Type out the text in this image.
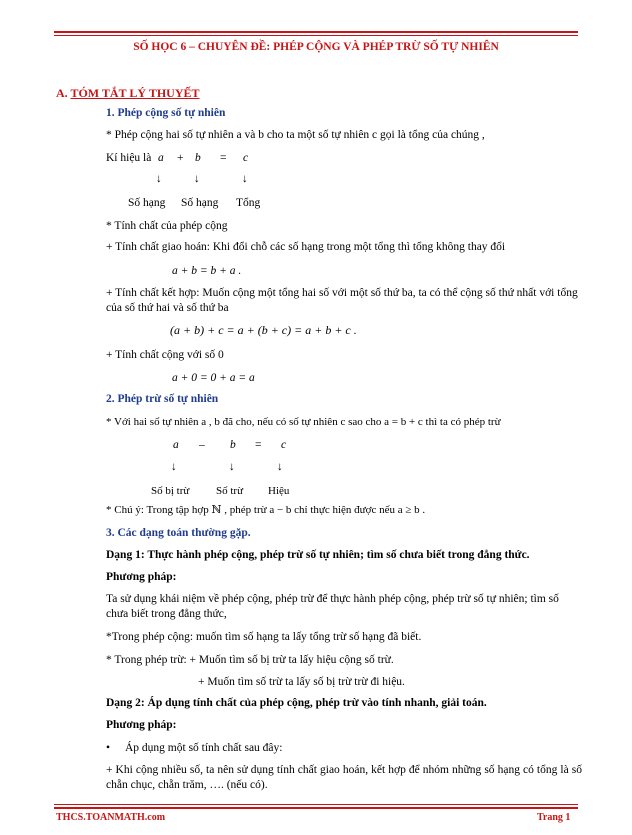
SỐ HỌC 6 – CHUYÊN ĐỀ: PHÉP CỘNG VÀ PHÉP TRỪ SỐ TỰ NHIÊN
A. TÓM TẮT LÝ THUYẾT
1. Phép cộng số tự nhiên
* Phép cộng hai số tự nhiên a và b cho ta một số tự nhiên c gọi là tổng của chúng ,
Kí hiệu là a + b = c
↓	↓	↓
Số hạng Số hạng Tổng
* Tính chất của phép cộng
+ Tính chất giao hoán: Khi đổi chỗ các số hạng trong một tổng thì tổng không thay đổi
a + b = b + a .
+ Tính chất kết hợp: Muốn cộng một tổng hai số với một số thứ ba, ta có thể cộng số thứ nhất với tổng của số thứ hai và số thứ ba
(a + b) + c = a + (b + c) = a + b + c .
+ Tính chất cộng với số 0
a + 0 = 0 + a = a
2. Phép trừ số tự nhiên
* Với hai số tự nhiên a , b đã cho, nếu có số tự nhiên c sao cho a = b + c thì ta có phép trừ
a – b = c
↓	↓	↓
Số bị trừ Số trừ Hiệu
* Chú ý: Trong tập hợp ℕ , phép trừ a − b chỉ thực hiện được nếu a ≥ b .
3. Các dạng toán thường gặp.
Dạng 1: Thực hành phép cộng, phép trừ số tự nhiên; tìm số chưa biết trong đẳng thức.
Phương pháp:
Ta sử dụng khái niệm về phép cộng, phép trừ để thực hành phép cộng, phép trừ số tự nhiên; tìm số chưa biết trong đẳng thức,
*Trong phép cộng: muốn tìm số hạng ta lấy tổng trừ số hạng đã biết.
* Trong phép trừ: + Muốn tìm số bị trừ ta lấy hiệu cộng số trừ.
+ Muốn tìm số trừ ta lấy số bị trừ trừ đi hiệu.
Dạng 2: Áp dụng tính chất của phép cộng, phép trừ vào tính nhanh, giải toán.
Phương pháp:
• Áp dụng một số tính chất sau đây:
+ Khi cộng nhiều số, ta nên sử dụng tính chất giao hoán, kết hợp để nhóm những số hạng có tổng là số chẵn chục, chẵn trăm, …. (nếu có).
THCS.TOANMATH.com	Trang 1
